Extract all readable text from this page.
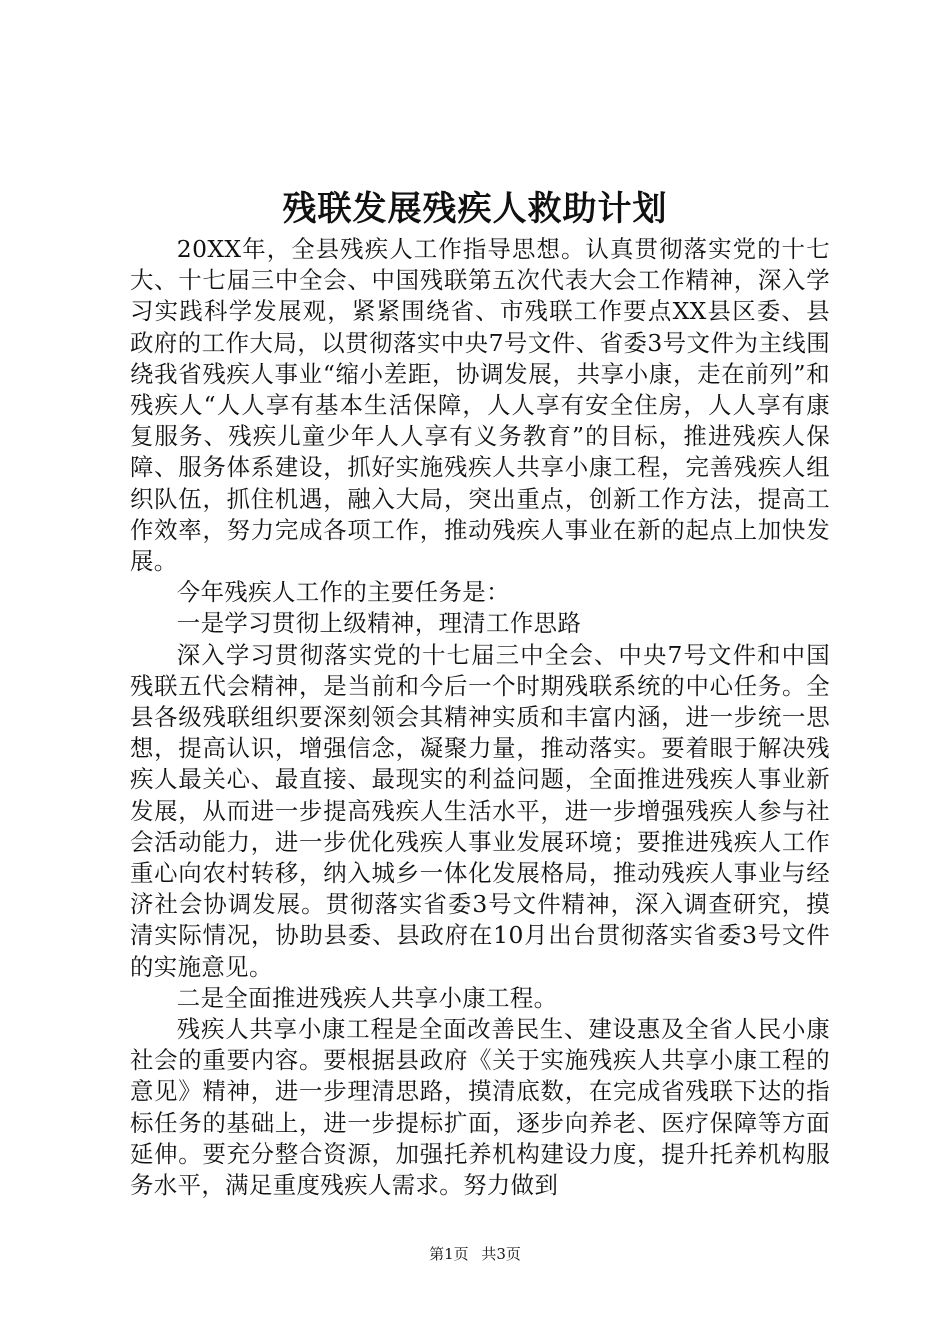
残联发展残疾人救助计划

20XX年，全县残疾人工作指导思想。认真贯彻落实党的十七大、十七届三中全会、中国残联第五次代表大会工作精神，深入学习实践科学发展观，紧紧围绕省、市残联工作要点XX县区委、县政府的工作大局，以贯彻落实中央7号文件、省委3号文件为主线围绕我省残疾人事业“缩小差距，协调发展，共享小康，走在前列”和残疾人“人人享有基本生活保障，人人享有安全住房，人人享有康复服务、残疾儿童少年人人享有义务教育”的目标，推进残疾人保障、服务体系建设，抓好实施残疾人共享小康工程，完善残疾人组织队伍，抓住机遇，融入大局，突出重点，创新工作方法，提高工作效率，努力完成各项工作，推动残疾人事业在新的起点上加快发展。

今年残疾人工作的主要任务是：

一是学习贯彻上级精神，理清工作思路

深入学习贯彻落实党的十七届三中全会、中央7号文件和中国残联五代会精神，是当前和今后一个时期残联系统的中心任务。全县各级残联组织要深刻领会其精神实质和丰富内涵，进一步统一思想，提高认识，增强信念，凝聚力量，推动落实。要着眼于解决残疾人最关心、最直接、最现实的利益问题，全面推进残疾人事业新发展，从而进一步提高残疾人生活水平，进一步增强残疾人参与社会活动能力，进一步优化残疾人事业发展环境；要推进残疾人工作重心向农村转移，纳入城乡一体化发展格局，推动残疾人事业与经济社会协调发展。贯彻落实省委3号文件精神，深入调查研究，摸清实际情况，协助县委、县政府在10月出台贯彻落实省委3号文件的实施意见。

二是全面推进残疾人共享小康工程。

残疾人共享小康工程是全面改善民生、建设惠及全省人民小康社会的重要内容。要根据县政府《关于实施残疾人共享小康工程的意见》精神，进一步理清思路，摸清底数，在完成省残联下达的指标任务的基础上，进一步提标扩面，逐步向养老、医疗保障等方面延伸。要充分整合资源，加强托养机构建设力度，提升托养机构服务水平，满足重度残疾人需求。努力做到

第1页 共3页
